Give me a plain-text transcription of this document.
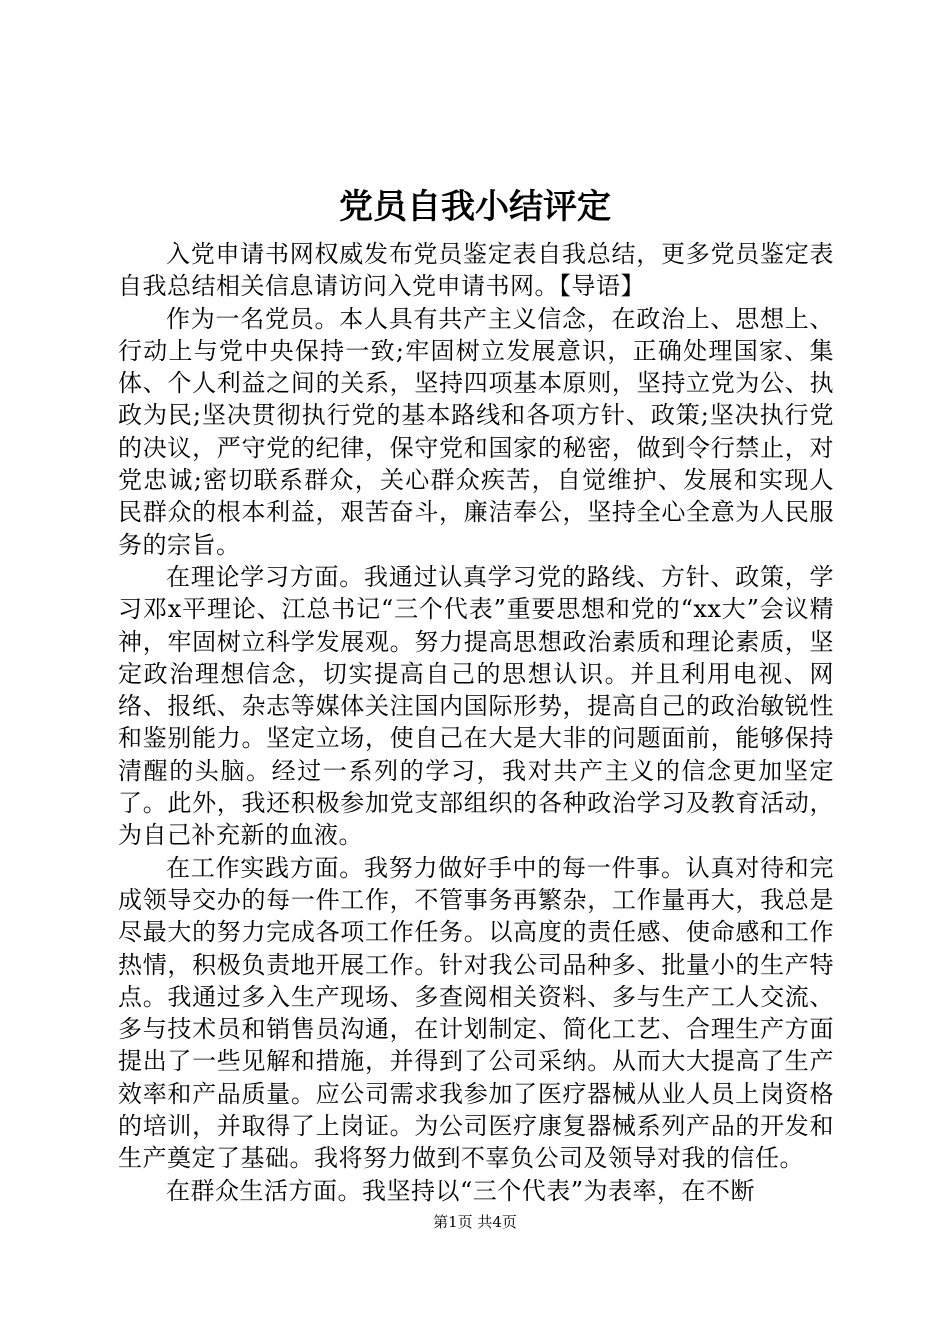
党员自我小结评定

入党申请书网权威发布党员鉴定表自我总结，更多党员鉴定表自我总结相关信息请访问入党申请书网。【导语】

作为一名党员。本人具有共产主义信念，在政治上、思想上、行动上与党中央保持一致;牢固树立发展意识，正确处理国家、集体、个人利益之间的关系，坚持四项基本原则，坚持立党为公、执政为民;坚决贯彻执行党的基本路线和各项方针、政策;坚决执行党的决议，严守党的纪律，保守党和国家的秘密，做到令行禁止，对党忠诚;密切联系群众，关心群众疾苦，自觉维护、发展和实现人民群众的根本利益，艰苦奋斗，廉洁奉公，坚持全心全意为人民服务的宗旨。

在理论学习方面。我通过认真学习党的路线、方针、政策，学习邓x平理论、江总书记“三个代表”重要思想和党的“xx大”会议精神，牢固树立科学发展观。努力提高思想政治素质和理论素质，坚定政治理想信念，切实提高自己的思想认识。并且利用电视、网络、报纸、杂志等媒体关注国内国际形势，提高自己的政治敏锐性和鉴别能力。坚定立场，使自己在大是大非的问题面前，能够保持清醒的头脑。经过一系列的学习，我对共产主义的信念更加坚定了。此外，我还积极参加党支部组织的各种政治学习及教育活动，为自己补充新的血液。

在工作实践方面。我努力做好手中的每一件事。认真对待和完成领导交办的每一件工作，不管事务再繁杂，工作量再大，我总是尽最大的努力完成各项工作任务。以高度的责任感、使命感和工作热情，积极负责地开展工作。针对我公司品种多、批量小的生产特点。我通过多入生产现场、多查阅相关资料、多与生产工人交流、多与技术员和销售员沟通，在计划制定、简化工艺、合理生产方面提出了一些见解和措施，并得到了公司采纳。从而大大提高了生产效率和产品质量。应公司需求我参加了医疗器械从业人员上岗资格的培训，并取得了上岗证。为公司医疗康复器械系列产品的开发和生产奠定了基础。我将努力做到不辜负公司及领导对我的信任。

在群众生活方面。我坚持以“三个代表”为表率，在不断

第1页 共4页
